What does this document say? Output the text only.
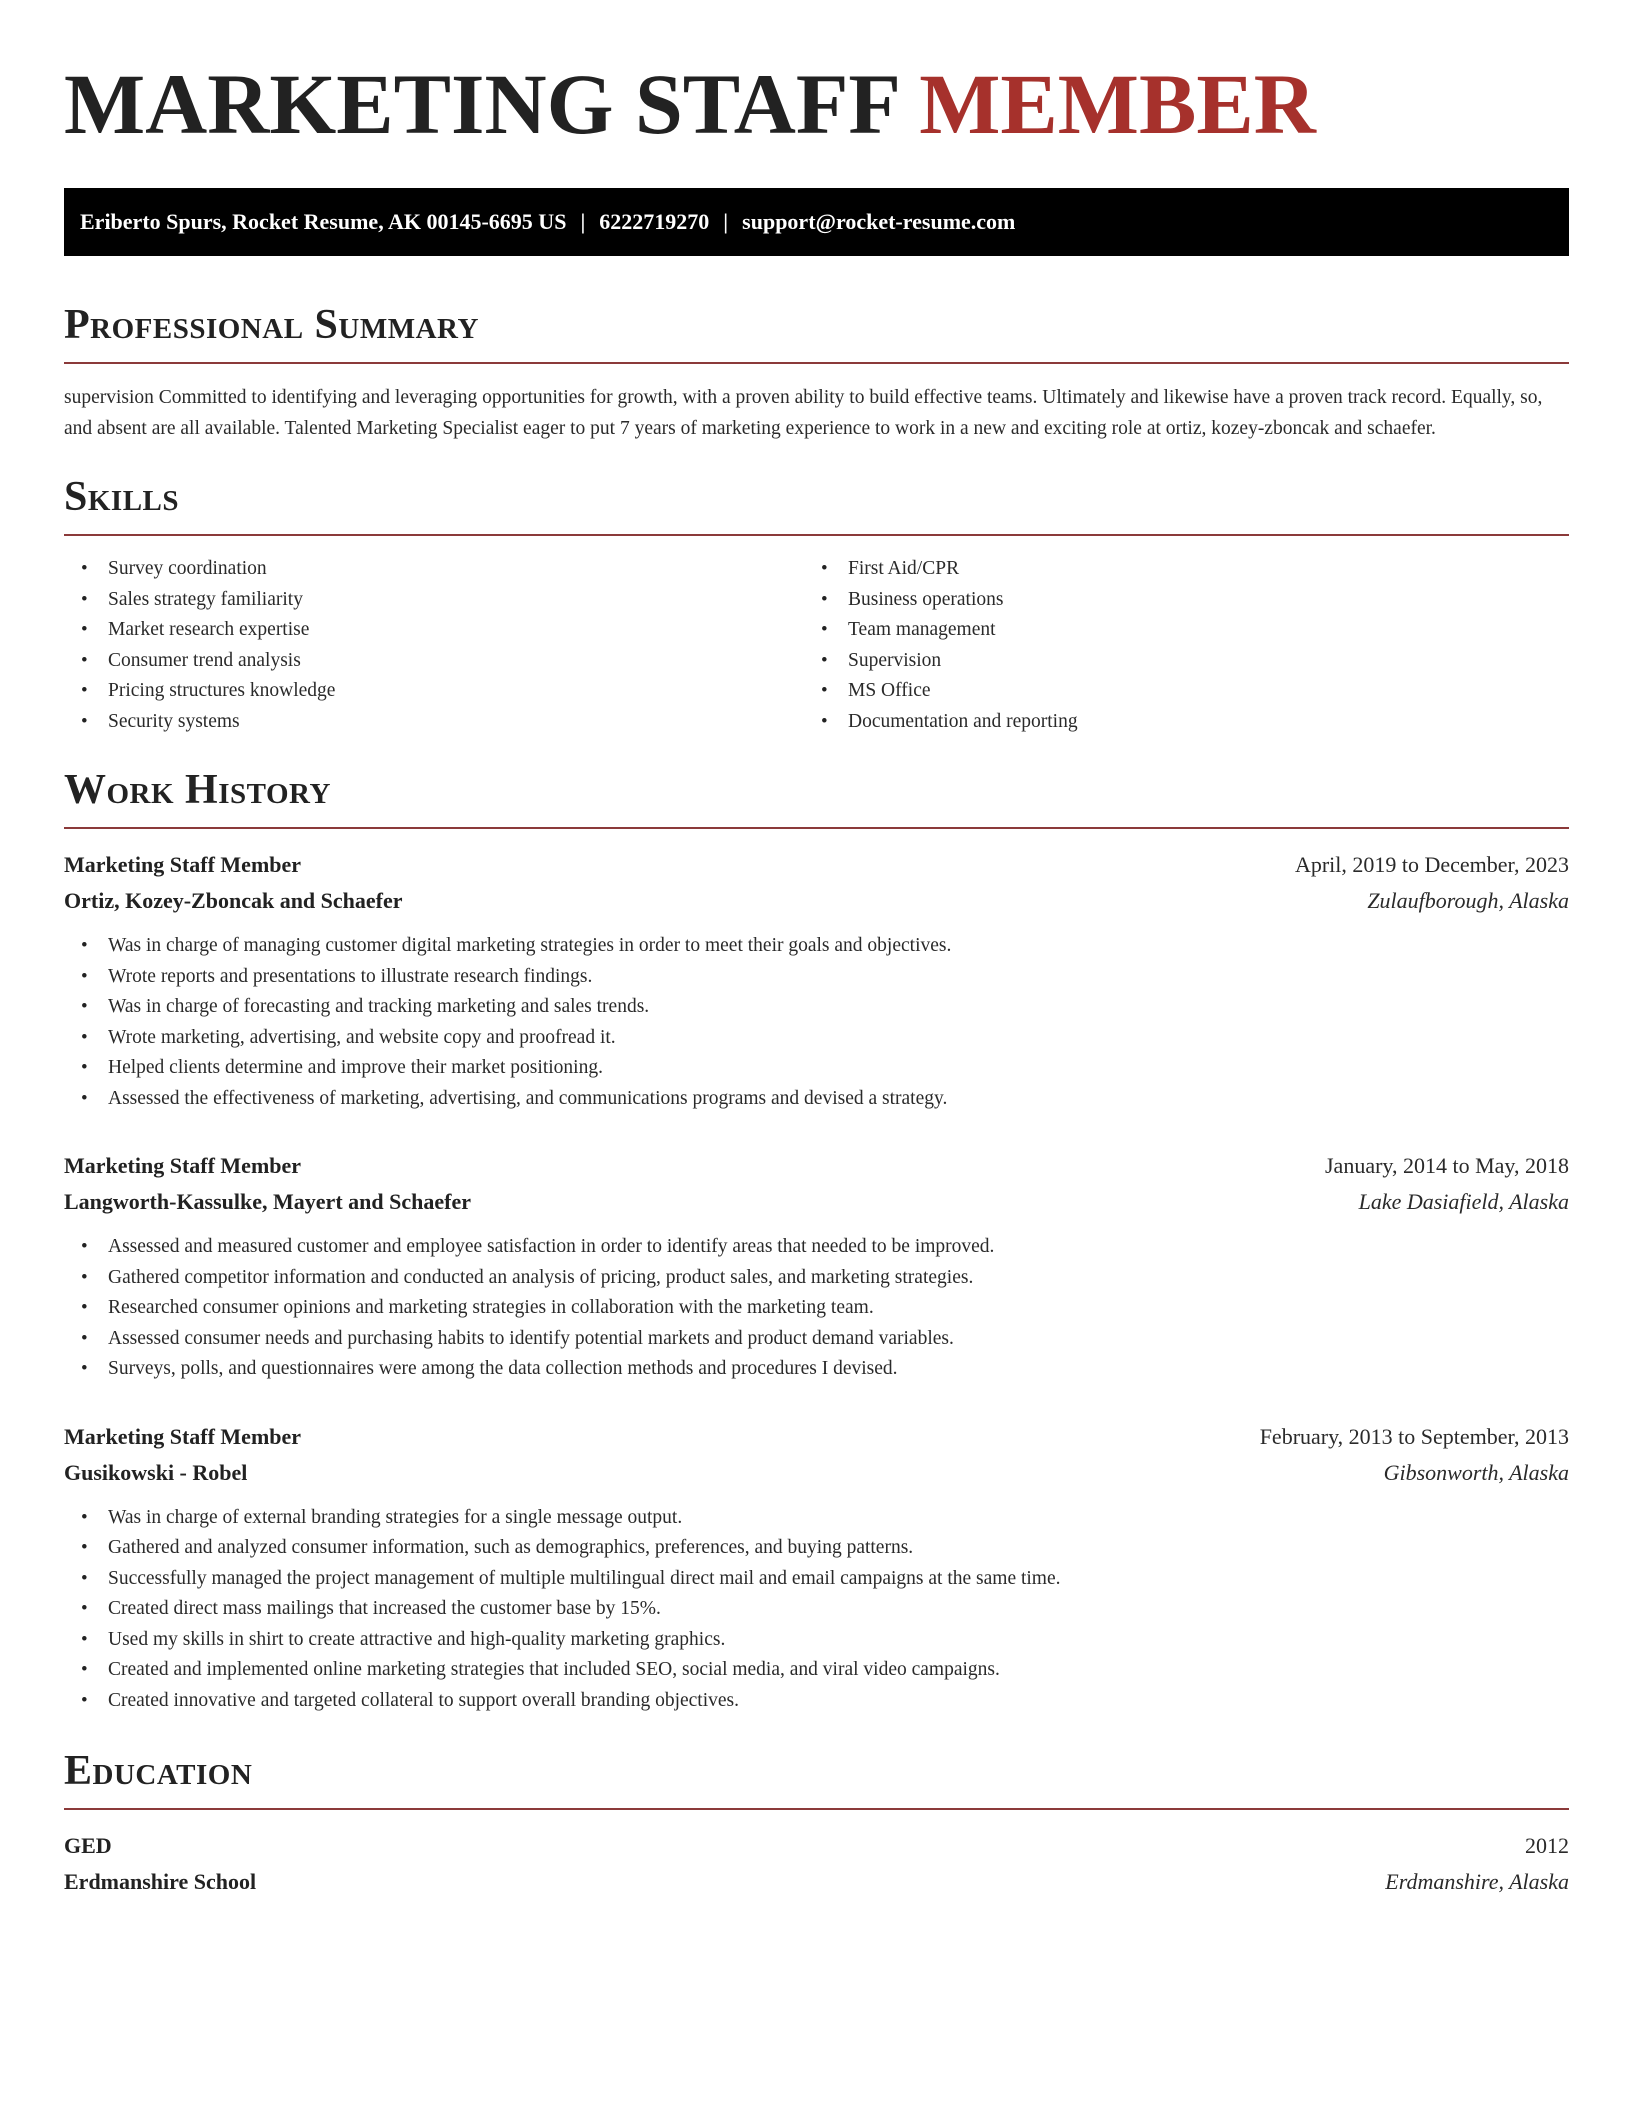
MARKETING STAFF MEMBER
Eriberto Spurs, Rocket Resume, AK 00145-6695 US | 6222719270 | support@rocket-resume.com
Professional Summary

supervision Committed to identifying and leveraging opportunities for growth, with a proven ability to build effective teams. Ultimately and likewise have a proven track record. Equally, so, and absent are all available. Talented Marketing Specialist eager to put 7 years of marketing experience to work in a new and exciting role at ortiz, kozey-zboncak and schaefer.

Skills
• Survey coordination
• Sales strategy familiarity
• Market research expertise
• Consumer trend analysis
• Pricing structures knowledge
• Security systems
• First Aid/CPR
• Business operations
• Team management
• Supervision
• MS Office
• Documentation and reporting
Work History
Marketing Staff Member	April, 2019 to December, 2023
Ortiz, Kozey-Zboncak and Schaefer	Zulaufborough, Alaska
• Was in charge of managing customer digital marketing strategies in order to meet their goals and objectives.
• Wrote reports and presentations to illustrate research findings.
• Was in charge of forecasting and tracking marketing and sales trends.
• Wrote marketing, advertising, and website copy and proofread it.
• Helped clients determine and improve their market positioning.
• Assessed the effectiveness of marketing, advertising, and communications programs and devised a strategy.
Marketing Staff Member	January, 2014 to May, 2018
Langworth-Kassulke, Mayert and Schaefer	Lake Dasiafield, Alaska
• Assessed and measured customer and employee satisfaction in order to identify areas that needed to be improved.
• Gathered competitor information and conducted an analysis of pricing, product sales, and marketing strategies.
• Researched consumer opinions and marketing strategies in collaboration with the marketing team.
• Assessed consumer needs and purchasing habits to identify potential markets and product demand variables.
• Surveys, polls, and questionnaires were among the data collection methods and procedures I devised.
Marketing Staff Member	February, 2013 to September, 2013
Gusikowski - Robel	Gibsonworth, Alaska
• Was in charge of external branding strategies for a single message output.
• Gathered and analyzed consumer information, such as demographics, preferences, and buying patterns.
• Successfully managed the project management of multiple multilingual direct mail and email campaigns at the same time.
• Created direct mass mailings that increased the customer base by 15%.
• Used my skills in shirt to create attractive and high-quality marketing graphics.
• Created and implemented online marketing strategies that included SEO, social media, and viral video campaigns.
• Created innovative and targeted collateral to support overall branding objectives.
Education
GED	2012
Erdmanshire School	Erdmanshire, Alaska
